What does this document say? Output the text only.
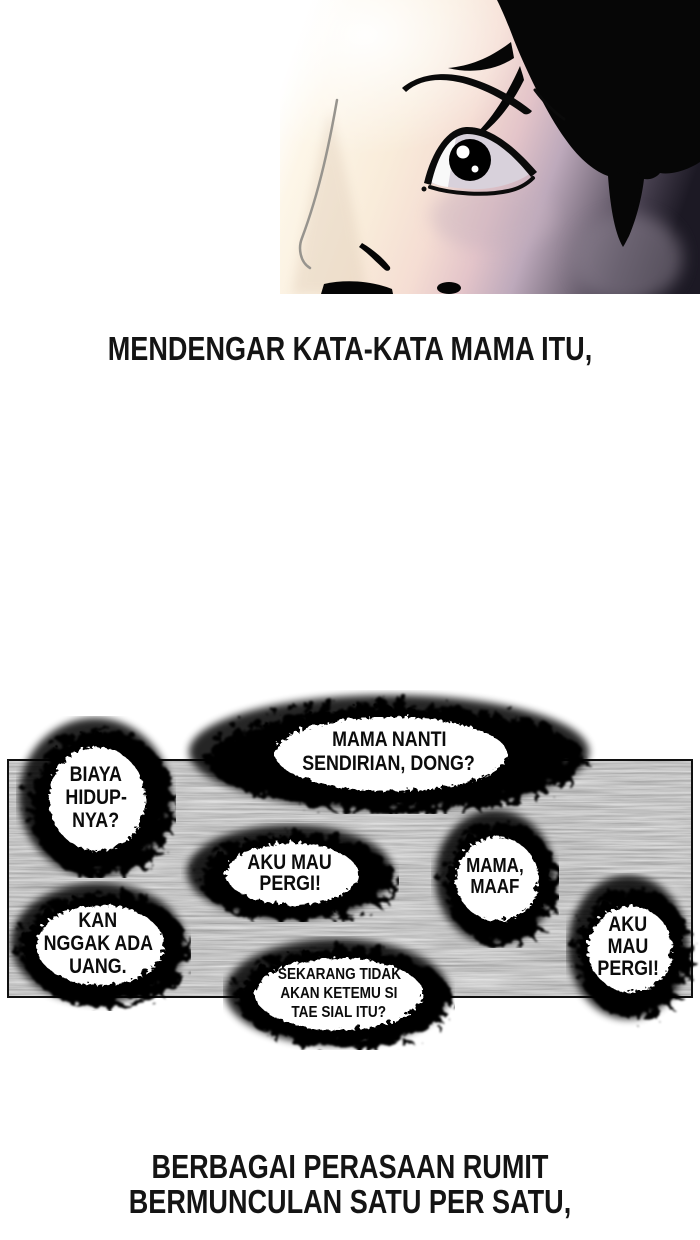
MENDENGAR KATA-KATA MAMA ITU,
MAMA NANTI
SENDIRIAN, DONG?
BIAYA
HIDUP-
NYA?
AKU MAU
PERGI!
MAMA,
MAAF
KAN
NGGAK ADA
UANG.	SEKARANG TIDAK
AKAN KETEMU SI
TAE SIAL ITU?
AKU
MAU
PERGI!
BERBAGAI PERASAAN RUMIT
BERMUNCULAN SATU PER SATU,
